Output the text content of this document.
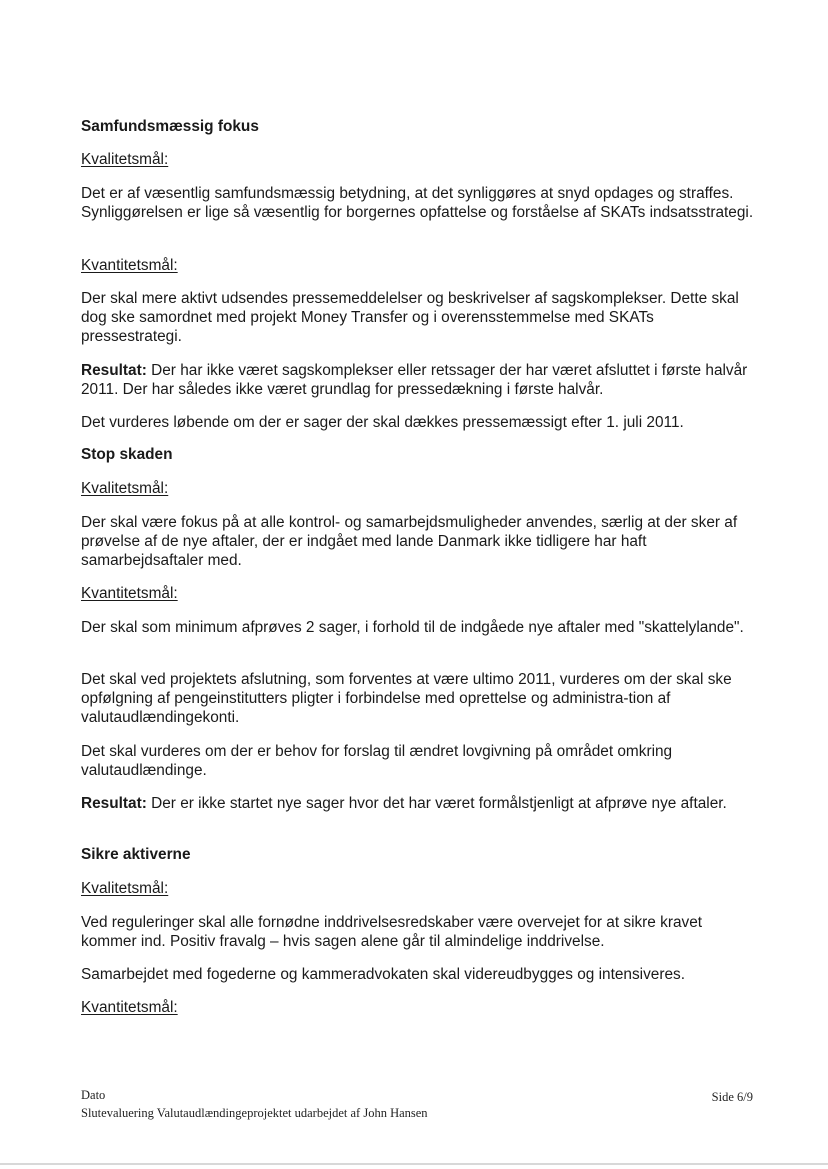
Samfundsmæssig fokus

Kvalitetsmål:

Det er af væsentlig samfundsmæssig betydning, at det synliggøres at snyd opdages og straffes. Synliggørelsen er lige så væsentlig for borgernes opfattelse og forståelse af SKATs indsatsstrategi.

Kvantitetsmål:

Der skal mere aktivt udsendes pressemeddelelser og beskrivelser af sagskomplekser. Dette skal dog ske samordnet med projekt Money Transfer og i overensstemmelse med SKATs pressestrategi.

Resultat: Der har ikke været sagskomplekser eller retssager der har været afsluttet i første halvår 2011. Der har således ikke været grundlag for pressedækning i første halvår.

Det vurderes løbende om der er sager der skal dækkes pressemæssigt efter 1. juli 2011.

Stop skaden

Kvalitetsmål:

Der skal være fokus på at alle kontrol- og samarbejdsmuligheder anvendes, særlig at der sker af prøvelse af de nye aftaler, der er indgået med lande Danmark ikke tidligere har haft samarbejdsaftaler med.

Kvantitetsmål:

Der skal som minimum afprøves 2 sager, i forhold til de indgåede nye aftaler med "skattelylande".

Det skal ved projektets afslutning, som forventes at være ultimo 2011, vurderes om der skal ske opfølgning af pengeinstitutters pligter i forbindelse med oprettelse og administra-tion af valutaudlændingekonti.

Det skal vurderes om der er behov for forslag til ændret lovgivning på området omkring valutaudlændinge.

Resultat: Der er ikke startet nye sager hvor det har været formålstjenligt at afprøve nye aftaler.

Sikre aktiverne

Kvalitetsmål:

Ved reguleringer skal alle fornødne inddrivelsesredskaber være overvejet for at sikre kravet kommer ind. Positiv fravalg – hvis sagen alene går til almindelige inddrivelse.

Samarbejdet med fogederne og kammeradvokaten skal videreudbygges og intensiveres.

Kvantitetsmål:

Dato
Slutevaluering Valutaudlændingeprojektet udarbejdet af John Hansen
Side 6/9
